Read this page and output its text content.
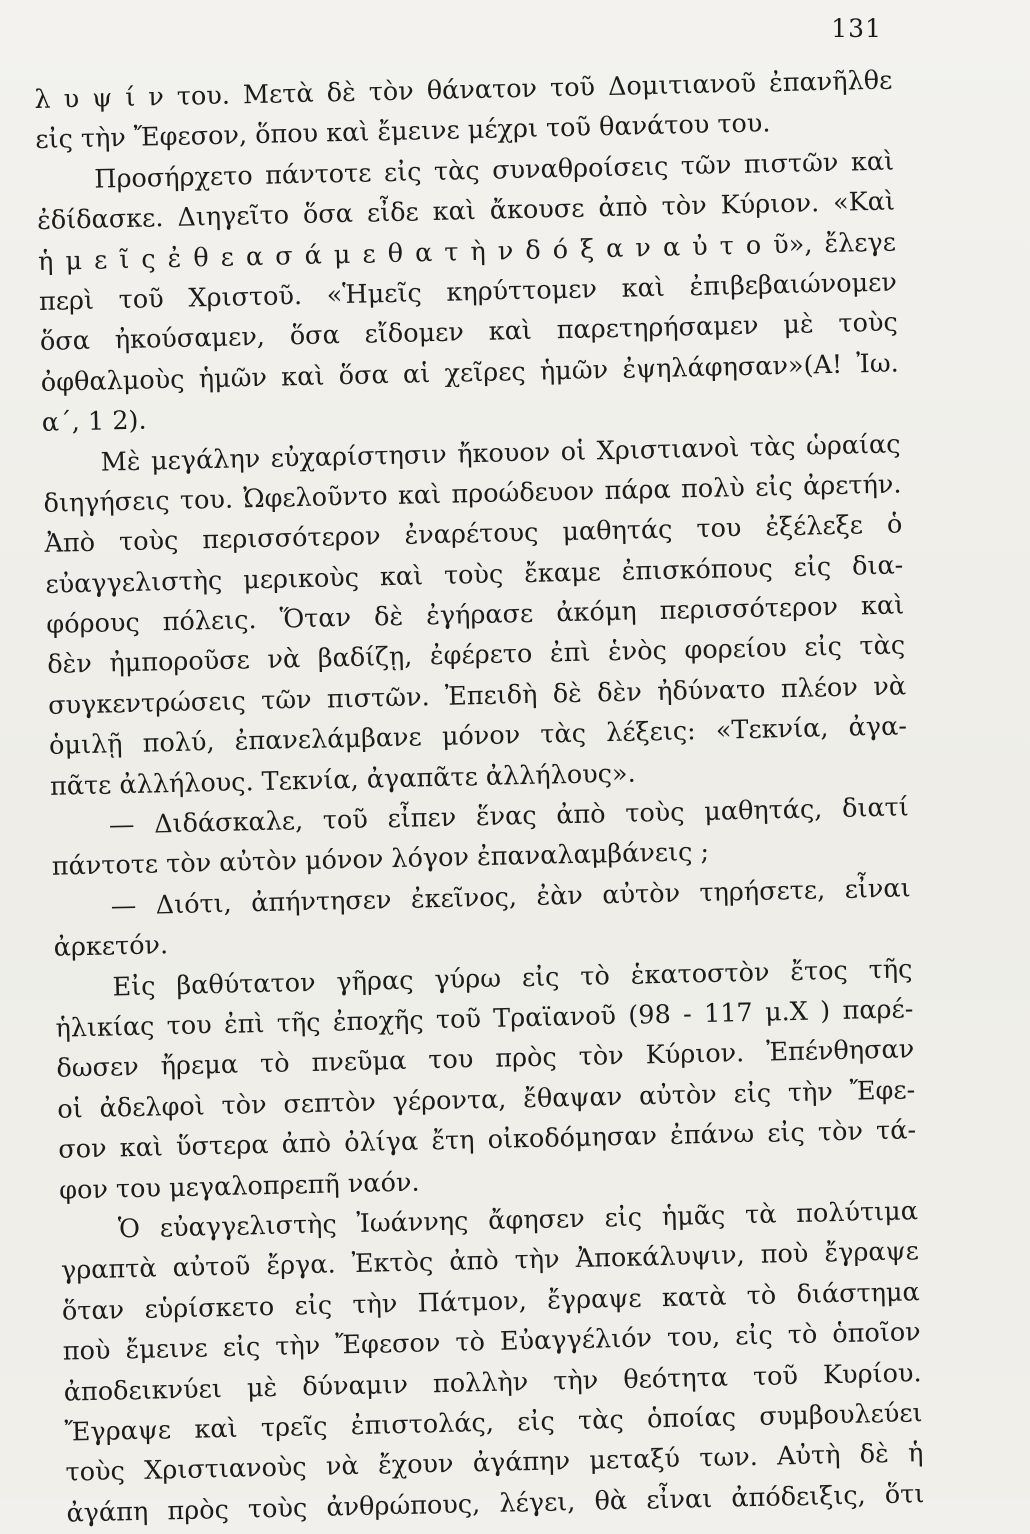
131
λ υ ψ ί ν του. Μετὰ δὲ τὸν θάνατον τοῦ Δομιτιανοῦ ἐπανῆλθε
εἰς τὴν Ἔφεσον, ὅπου καὶ ἔμεινε μέχρι τοῦ θανάτου του.
Προσήρχετο πάντοτε εἰς τὰς συναθροίσεις τῶν πιστῶν καὶ
ἐδίδασκε. Διηγεῖτο ὅσα εἶδε καὶ ἄκουσε ἀπὸ τὸν Κύριον. «Καὶ
ἡ μ ε ῖ ς ἐ θ ε α σ ά μ ε θ α τ ὴ ν δ ό ξ α ν α ὐ τ ο ῦ», ἔλεγε
περὶ τοῦ Χριστοῦ. «Ἡμεῖς κηρύττομεν καὶ ἐπιβεβαιώνομεν
ὅσα ἠκούσαμεν, ὅσα εἴδομεν καὶ παρετηρήσαμεν μὲ τοὺς
ὀφθαλμοὺς ἡμῶν καὶ ὅσα αἱ χεῖρες ἡμῶν ἐψηλάφησαν»(Α! Ἰω.
α΄, 1 2).
Μὲ μεγάλην εὐχαρίστησιν ἤκουον οἱ Χριστιανοὶ τὰς ὡραίας
διηγήσεις του. Ὠφελοῦντο καὶ προώδευον πάρα πολὺ εἰς ἀρετήν.
Ἀπὸ τοὺς περισσότερον ἐναρέτους μαθητάς του ἐξέλεξε ὁ
εὐαγγελιστὴς μερικοὺς καὶ τοὺς ἔκαμε ἐπισκόπους εἰς δια-
φόρους πόλεις. Ὅταν δὲ ἐγήρασε ἀκόμη περισσότερον καὶ
δὲν ἠμποροῦσε νὰ βαδίζῃ, ἐφέρετο ἐπὶ ἑνὸς φορείου εἰς τὰς
συγκεντρώσεις τῶν πιστῶν. Ἐπειδὴ δὲ δὲν ἠδύνατο πλέον νὰ
ὁμιλῇ πολύ, ἐπανελάμβανε μόνον τὰς λέξεις: «Τεκνία, ἀγα-
πᾶτε ἀλλήλους. Τεκνία, ἀγαπᾶτε ἀλλήλους».
— Διδάσκαλε, τοῦ εἶπεν ἕνας ἀπὸ τοὺς μαθητάς, διατί
πάντοτε τὸν αὐτὸν μόνον λόγον ἐπαναλαμβάνεις ;
— Διότι, ἀπήντησεν ἐκεῖνος, ἐὰν αὐτὸν τηρήσετε, εἶναι
ἀρκετόν.
Εἰς βαθύτατον γῆρας γύρω εἰς τὸ ἑκατοστὸν ἔτος τῆς
ἡλικίας του ἐπὶ τῆς ἐποχῆς τοῦ Τραϊανοῦ (98 - 117 μ.Χ ) παρέ-
δωσεν ἤρεμα τὸ πνεῦμα του πρὸς τὸν Κύριον. Ἐπένθησαν
οἱ ἀδελφοὶ τὸν σεπτὸν γέροντα, ἔθαψαν αὐτὸν εἰς τὴν Ἔφε-
σον καὶ ὕστερα ἀπὸ ὀλίγα ἔτη οἰκοδόμησαν ἐπάνω εἰς τὸν τά-
φον του μεγαλοπρεπῆ ναόν.
Ὁ εὐαγγελιστὴς Ἰωάννης ἄφησεν εἰς ἡμᾶς τὰ πολύτιμα
γραπτὰ αὐτοῦ ἔργα. Ἐκτὸς ἀπὸ τὴν Ἀποκάλυψιν, ποὺ ἔγραψε
ὅταν εὑρίσκετο εἰς τὴν Πάτμον, ἔγραψε κατὰ τὸ διάστημα
ποὺ ἔμεινε εἰς τὴν Ἔφεσον τὸ Εὐαγγέλιόν του, εἰς τὸ ὁποῖον
ἀποδεικνύει μὲ δύναμιν πολλὴν τὴν θεότητα τοῦ Κυρίου.
Ἔγραψε καὶ τρεῖς ἐπιστολάς, εἰς τὰς ὁποίας συμβουλεύει
τοὺς Χριστιανοὺς νὰ ἔχουν ἀγάπην μεταξύ των. Αὐτὴ δὲ ἡ
ἀγάπη πρὸς τοὺς ἀνθρώπους, λέγει, θὰ εἶναι ἀπόδειξις, ὅτι
